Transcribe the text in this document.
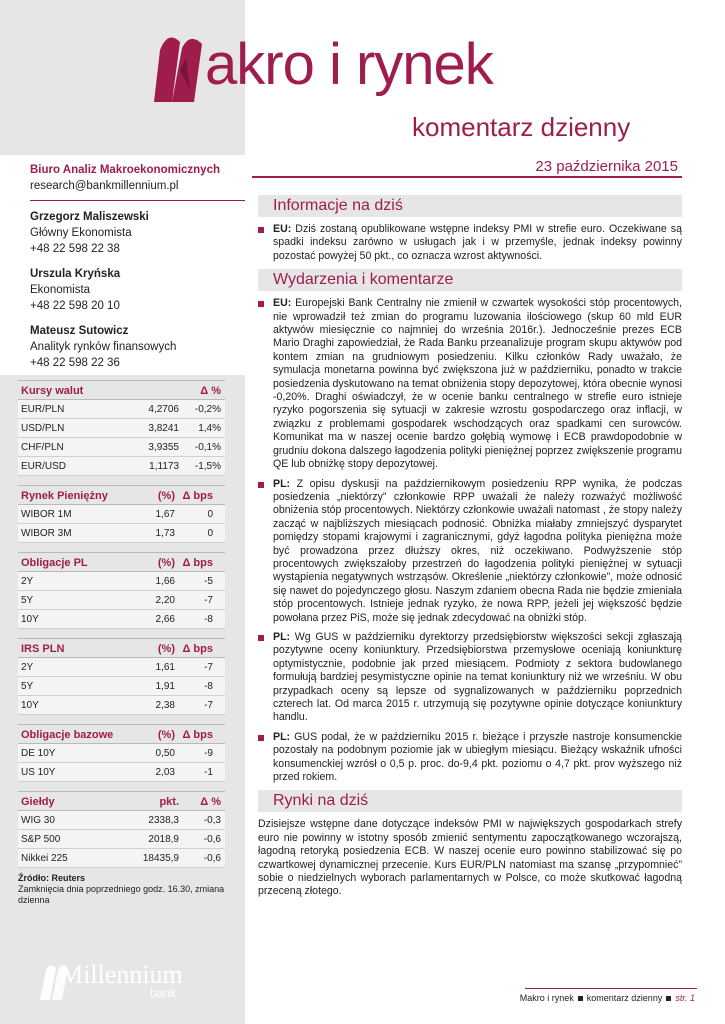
akro i rynek
komentarz dzienny
Biuro Analiz Makroekonomicznych
research@bankmillennium.pl
Grzegorz Maliszewski
Główny Ekonomista
+48 22 598 22 38
Urszula Kryńska
Ekonomista
+48 22 598 20 10
Mateusz Sutowicz
Analityk rynków finansowych
+48 22 598 22 36
23 października 2015
Kursy walut	Δ %
EUR/PLN	4,2706	-0,2%
USD/PLN	3,8241	1,4%
CHF/PLN	3,9355	-0,1%
EUR/USD	1,1173	-1,5%
Rynek Pieniężny	(%) Δ bps
WIBOR 1M	1,67	0
WIBOR 3M	1,73	0
Obligacje PL	(%) Δ bps
2Y	1,66	-5
5Y	2,20	-7
10Y	2,66	-8
IRS PLN	(%) Δ bps
2Y	1,61	-7
5Y	1,91	-8
10Y	2,38	-7
Obligacje bazowe	(%) Δ bps
DE 10Y	0,50	-9
US 10Y	2,03	-1
Giełdy	pkt.	Δ %
WIG 30	2338,3	-0,3
S&P 500	2018,9	-0,6
Nikkei 225	18435,9	-0,6
Źródło: Reuters
Zamknięcia dnia poprzedniego godz. 16.30, zmiana dzienna
Millennium
bank
Informacje na dziś
EU: Dziś zostaną opublikowane wstępne indeksy PMI w strefie euro. Oczekiwane są spadki indeksu zarówno w usługach jak i w przemyśle, jednak indeksy powinny pozostać powyżej 50 pkt., co oznacza wzrost aktywności.
Wydarzenia i komentarze
EU: Europejski Bank Centralny nie zmienił w czwartek wysokości stóp procentowych, nie wprowadził też zmian do programu luzowania ilościowego (skup 60 mld EUR aktywów miesięcznie co najmniej do września 2016r.). Jednocześnie prezes ECB Mario Draghi zapowiedział, że Rada Banku przeanalizuje program skupu aktywów pod kontem zmian na grudniowym posiedzeniu. Kilku członków Rady uważało, że symulacja monetarna powinna być zwiększona już w październiku, ponadto w trakcie posiedzenia dyskutowano na temat obniżenia stopy depozytowej, która obecnie wynosi -0,20%. Draghi oświadczył, że w ocenie banku centralnego w strefie euro istnieje ryzyko pogorszenia się sytuacji w zakresie wzrostu gospodarczego oraz inflacji, w związku z problemami gospodarek wschodzących oraz spadkami cen surowców. Komunikat ma w naszej ocenie bardzo gołębią wymowę i ECB prawdopodobnie w grudniu dokona dalszego łagodzenia polityki pieniężnej poprzez zwiększenie programu QE lub obniżkę stopy depozytowej.
PL: Z opisu dyskusji na październikowym posiedzeniu RPP wynika, że podczas posiedzenia „niektórzy” członkowie RPP uważali że należy rozważyć możliwość obniżenia stóp procentowych. Niektórzy członkowie uważali natomast , że stopy należy zacząć w najbliższych miesiącach podnosić. Obniżka miałaby zmniejszyć dysparytet pomiędzy stopami krajowymi i zagranicznymi, gdyż łagodna polityka pieniężna może być prowadzona przez dłuższy okres, niż oczekiwano. Podwyższenie stóp procentowych zwiększałoby przestrzeń do łagodzenia polityki pieniężnej w sytuacji wystąpienia negatywnych wstrząsów. Określenie „niektórzy członkowie”, może odnosić się nawet do pojedynczego głosu. Naszym zdaniem obecna Rada nie będzie zmieniała stóp procentowych. Istnieje jednak ryzyko, że nowa RPP, jeżeli jej większość będzie powołana przez PiS, może się jednak zdecydować na obniżki stóp.
PL: Wg GUS w październiku dyrektorzy przedsiębiorstw większości sekcji zgłaszają pozytywne oceny koniunktury. Przedsiębiorstwa przemysłowe oceniają koniunkturę optymistycznie, podobnie jak przed miesiącem. Podmioty z sektora budowlanego formułują bardziej pesymistyczne opinie na temat koniunktury niż we wrześniu. W obu przypadkach oceny są lepsze od sygnalizowanych w październiku poprzednich czterech lat. Od marca 2015 r. utrzymują się pozytywne opinie dotyczące koniunktury handlu.
PL: GUS podał, że w październiku 2015 r. bieżące i przyszłe nastroje konsumenckie pozostały na podobnym poziomie jak w ubiegłym miesiącu. Bieżący wskaźnik ufności konsumenckiej wzrósł o 0,5 p. proc. do-9,4 pkt. poziomu o 4,7 pkt. prov wyższego niż przed rokiem.
Rynki na dziś
Dzisiejsze wstępne dane dotyczące indeksów PMI w największych gospodarkach strefy euro nie powinny w istotny sposób zmienić sentymentu zapoczątkowanego wczorajszą, łagodną retoryką posiedzenia ECB. W naszej ocenie euro powinno stabilizować się po czwartkowej dynamicznej przecenie. Kurs EUR/PLN natomiast ma szansę „przypomnieć” sobie o niedzielnych wyborach parlamentarnych w Polsce, co może skutkować łagodną przeceną złotego.
Makro i rynek komentarz dzienny str. 1
